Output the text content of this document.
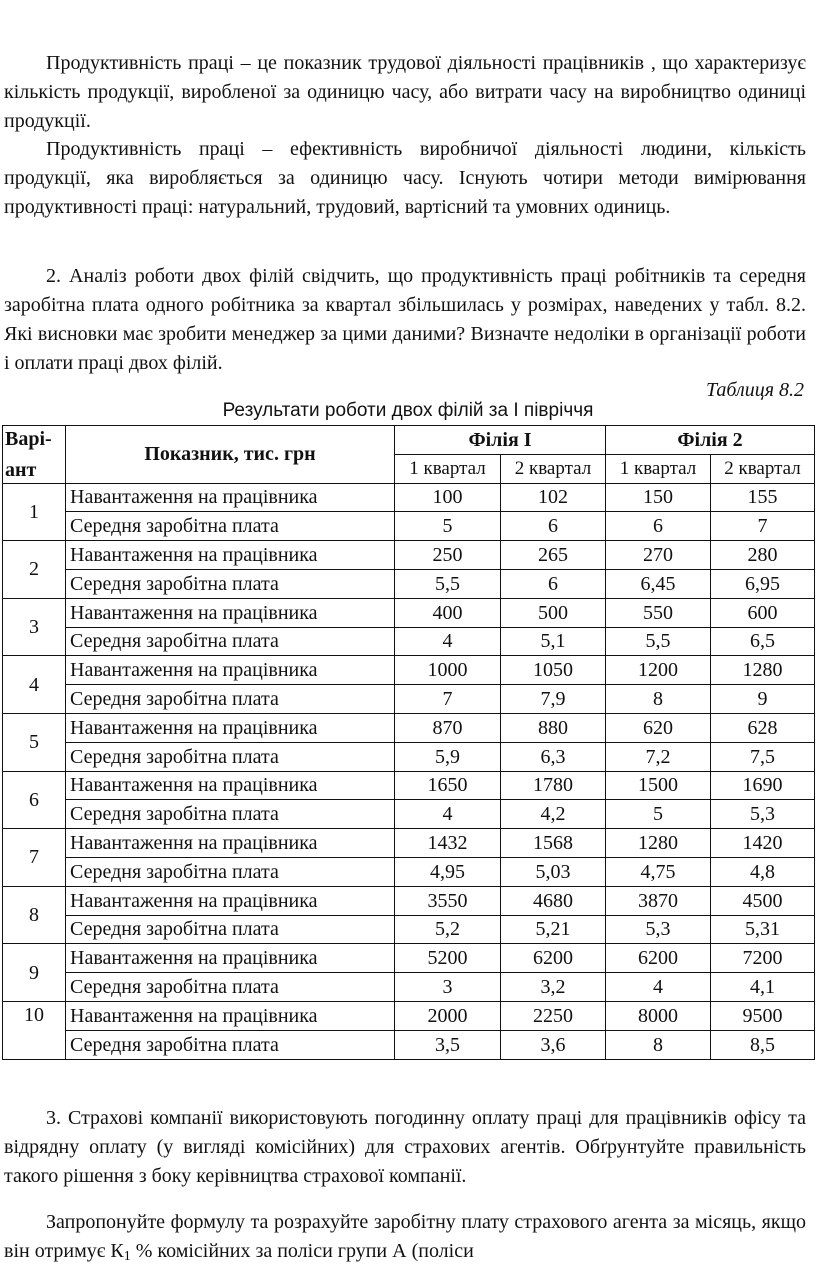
Продуктивність праці – це показник трудової діяльності працівників , що характеризує кількість продукції, виробленої за одиницю часу, або витрати часу на виробництво одиниці продукції.

Продуктивність праці – ефективність виробничої діяльності людини, кількість продукції, яка виробляється за одиницю часу. Існують чотири методи вимірювання продуктивності праці: натуральний, трудовий, вартісний та умовних одиниць.

2. Аналіз роботи двох філій свідчить, що продуктивність праці робітників та середня заробітна плата одного робітника за квартал збільшилась у розмірах, наведених у табл. 8.2. Які висновки має зробити менеджер за цими даними? Визначте недоліки в організації роботи і оплати праці двох філій.

Таблиця 8.2
Результати роботи двох філій за І півріччя
Варі-	Показник, тис. грн	Філія І		Філія 2	
ант		1 квартал	2 квартал	1 квартал	2 квартал
1	Навантаження на працівника	100	102	150	155
	Середня заробітна плата	5	6	6	7
2	Навантаження на працівника	250	265	270	280
	Середня заробітна плата	5,5	6	6,45	6,95
3	Навантаження на працівника	400	500	550	600
	Середня заробітна плата	4	5,1	5,5	6,5
4	Навантаження на працівника	1000	1050	1200	1280
	Середня заробітна плата	7	7,9	8	9
5	Навантаження на працівника	870	880	620	628
	Середня заробітна плата	5,9	6,3	7,2	7,5
6	Навантаження на працівника	1650	1780	1500	1690
	Середня заробітна плата	4	4,2	5	5,3
7	Навантаження на працівника	1432	1568	1280	1420
	Середня заробітна плата	4,95	5,03	4,75	4,8
8	Навантаження на працівника	3550	4680	3870	4500
	Середня заробітна плата	5,2	5,21	5,3	5,31
9	Навантаження на працівника	5200	6200	6200	7200
	Середня заробітна плата	3	3,2	4	4,1
10	Навантаження на працівника	2000	2250	8000	9500
	Середня заробітна плата	3,5	3,6	8	8,5

3. Страхові компанії використовують погодинну оплату праці для працівників офісу та відрядну оплату (у вигляді комісійних) для страхових агентів. Обґрунтуйте правильність такого рішення з боку керівництва страхової компанії.

Запропонуйте формулу та розрахуйте заробітну плату страхового агента за місяць, якщо він отримує К1 % комісійних за поліси групи А (поліси
